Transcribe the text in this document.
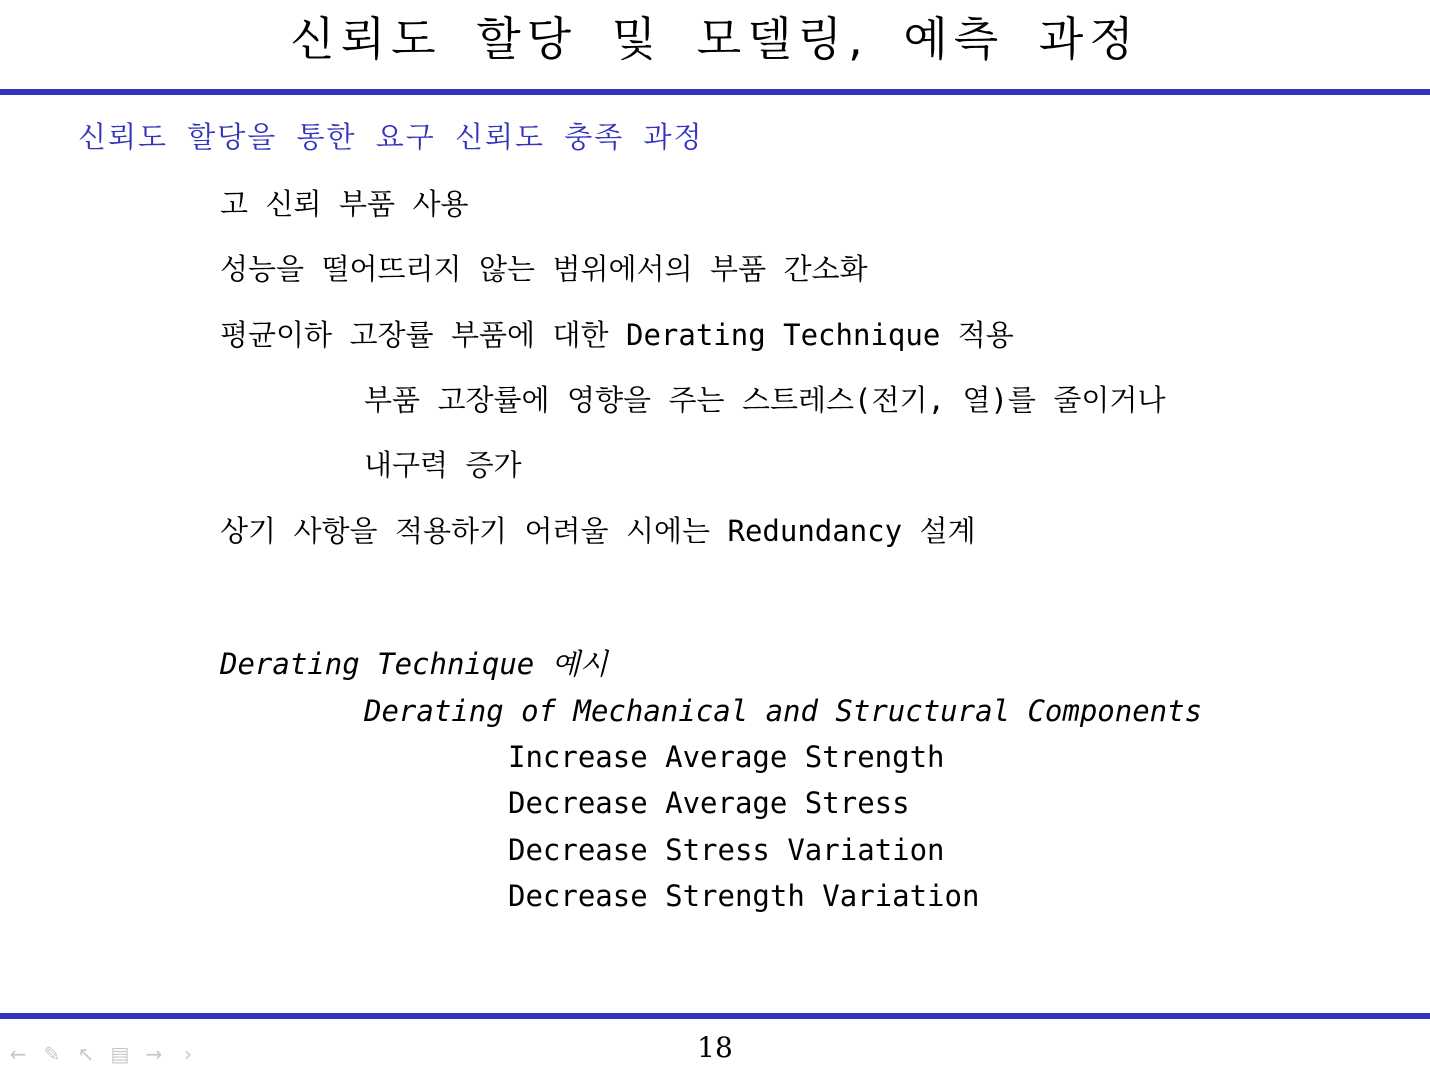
신뢰도 할당 및 모델링, 예측 과정
신뢰도 할당을 통한 요구 신뢰도 충족 과정
고 신뢰 부품 사용
성능을 떨어뜨리지 않는 범위에서의 부품 간소화
평균이하 고장률 부품에 대한 Derating Technique 적용
부품 고장률에 영향을 주는 스트레스(전기, 열)를 줄이거나
내구력 증가
상기 사항을 적용하기 어려울 시에는 Redundancy 설계
Derating Technique 예시
Derating of Mechanical and Structural Components
Increase Average Strength
Decrease Average Stress
Decrease Stress Variation
Decrease Strength Variation
18
← ✎ ↖ ▤ →	›
